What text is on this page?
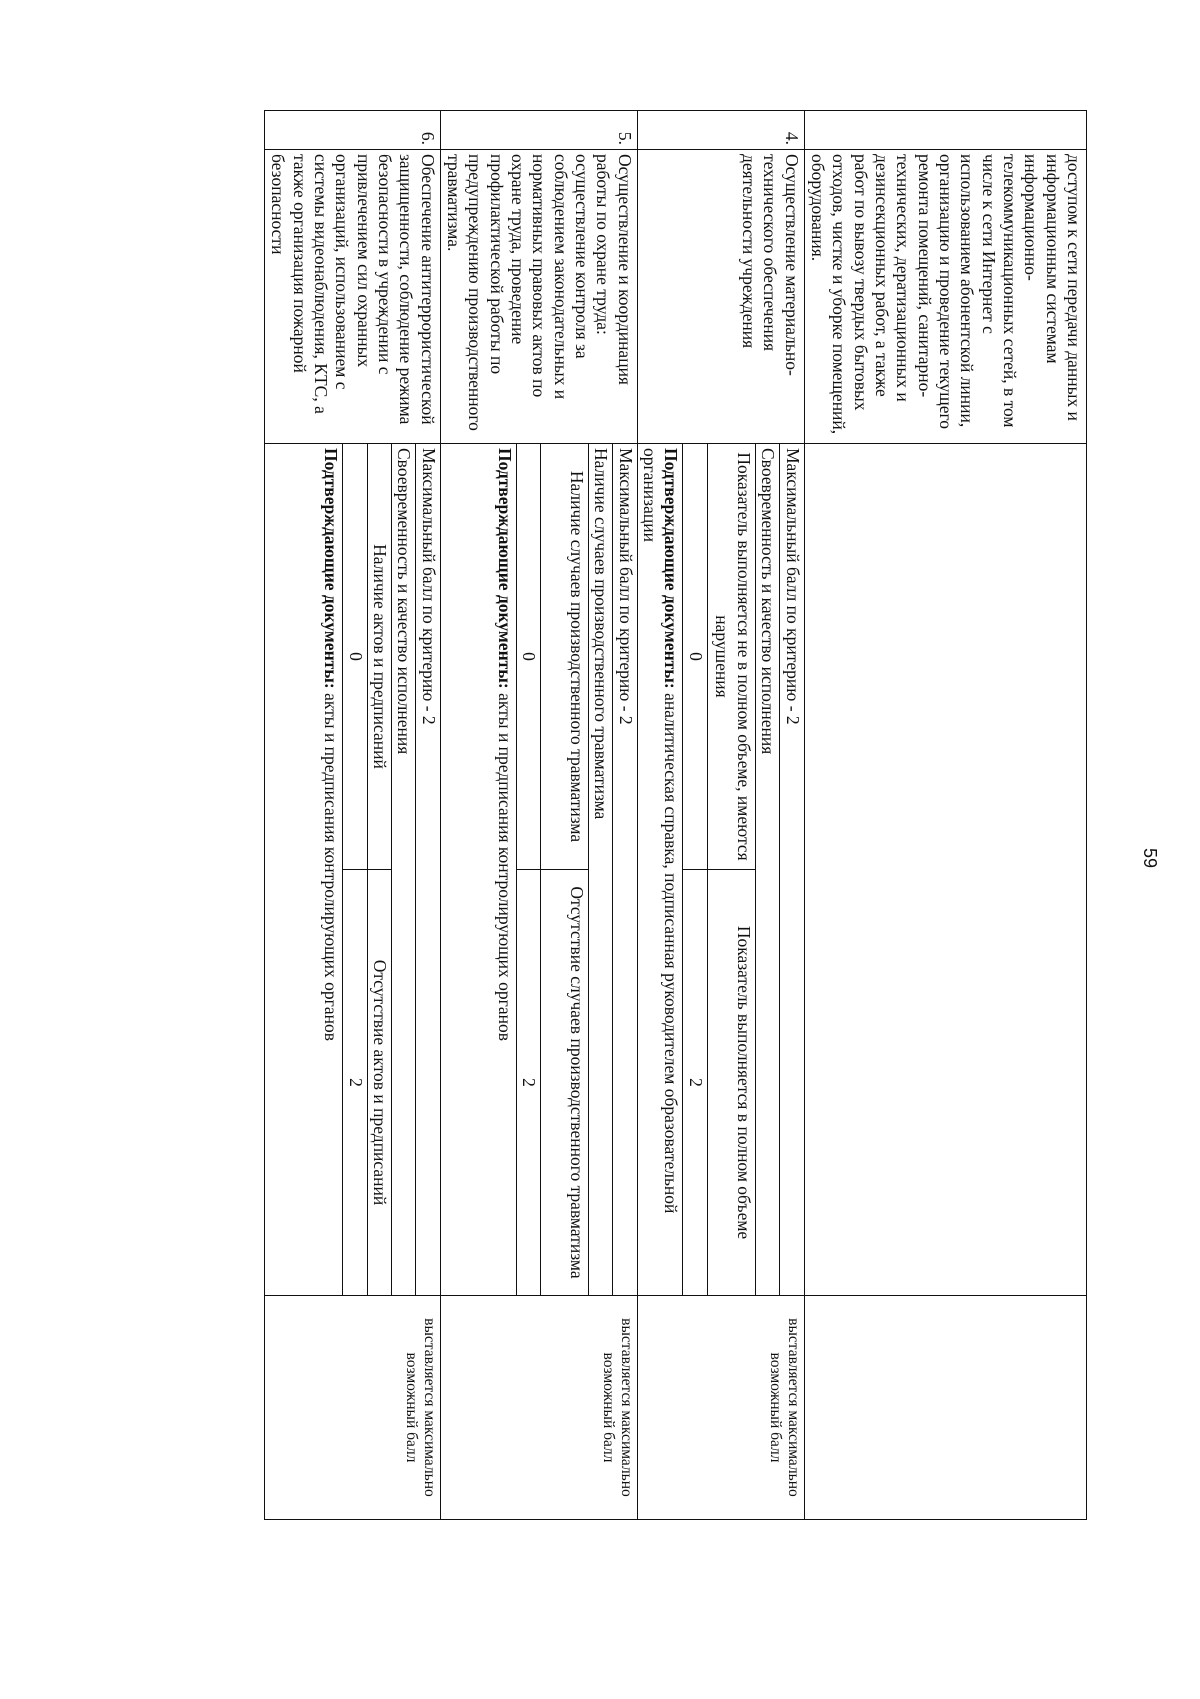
59
	доступом к сети передачи данных и информационным системам информационно-телекоммуникационных сетей, в том числе к сети Интернет с использованием абонентской линии, организацию и проведение текущего ремонта помещений, санитарно-технических, дератизационных и дезинсекционных работ, а также работ по вывозу твердых бытовых отходов, чистке и уборке помещений, оборудования.		
4.	Осуществление материально-технического обеспечения деятельности учреждения	
Максимальный балл по критерию - 2
Своевременность и качество исполнения
Показатель выполняется не в полном объеме, имеются нарушения	Показатель выполняется в полном объеме
0	2
Подтверждающие документы: аналитическая справка, подписанная руководителем образовательной организации
	выставляется максимально возможный балл
5.	Осуществление и координация работы по охране труда: осуществление контроля за соблюдением законодательных и нормативных правовых актов по охране труда, проведение профилактической работы по предупреждению производственного травматизма.	
Максимальный балл по критерию - 2
Наличие случаев производственного травматизма
Наличие случаев производственного травматизма	Отсутствие случаев производственного травматизма
0	2
Подтверждающие документы: акты и предписания контролирующих органов
	выставляется максимально возможный балл
6.	Обеспечение антитеррористической защищенности, соблюдение режима безопасности в учреждении с привлечением сил охранных организаций, использованием с системы видеонаблюдения, КТС, а также организация пожарной безопасности	
Максимальный балл по критерию - 2
Своевременность и качество исполнения
Наличие актов и предписаний	Отсутствие актов и предписаний
0	2
Подтверждающие документы: акты и предписания контролирующих органов
	выставляется максимально возможный балл
